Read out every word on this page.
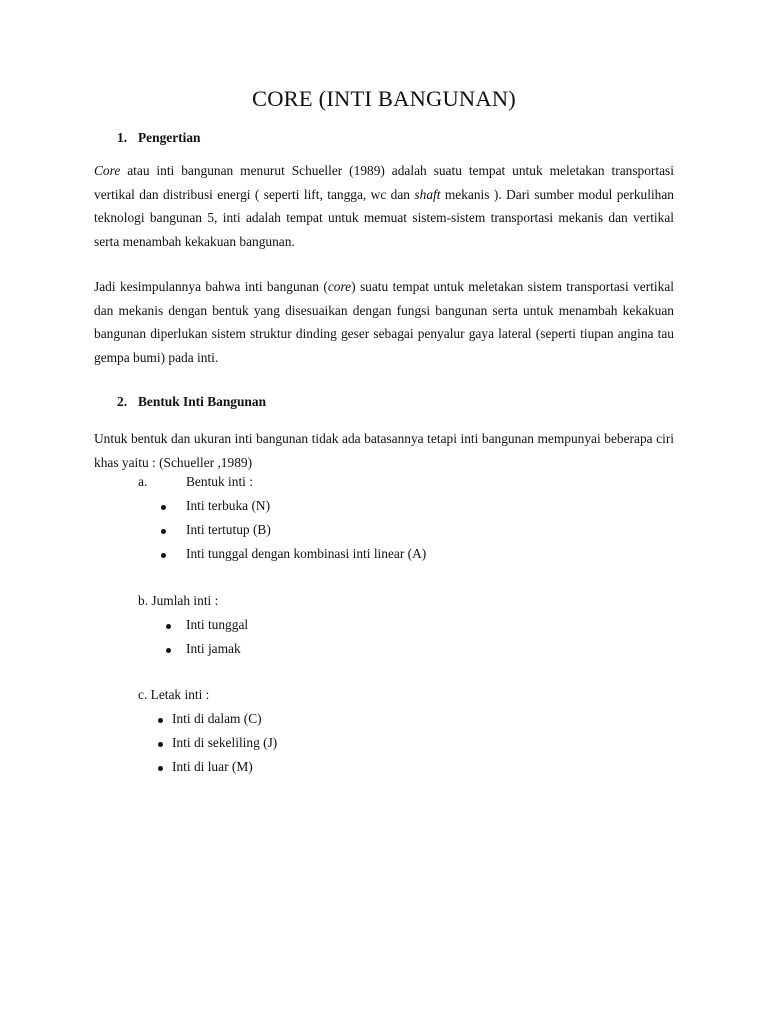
CORE (INTI BANGUNAN)
1. Pengertian
Core atau inti bangunan menurut Schueller (1989) adalah suatu tempat untuk meletakan transportasi vertikal dan distribusi energi ( seperti lift, tangga, wc dan shaft mekanis ). Dari sumber modul perkulihan teknologi bangunan 5, inti adalah tempat untuk memuat sistem-sistem transportasi mekanis dan vertikal serta menambah kekakuan bangunan.
Jadi kesimpulannya bahwa inti bangunan (core) suatu tempat untuk meletakan sistem transportasi vertikal dan mekanis dengan bentuk yang disesuaikan dengan fungsi bangunan serta untuk menambah kekakuan bangunan diperlukan sistem struktur dinding geser sebagai penyalur gaya lateral (seperti tiupan angina tau gempa bumi) pada inti.
2. Bentuk Inti Bangunan
Untuk bentuk dan ukuran inti bangunan tidak ada batasannya tetapi inti bangunan mempunyai beberapa ciri khas yaitu : (Schueller ,1989)
a.	Bentuk inti :
Inti terbuka (N)
Inti tertutup (B)
Inti tunggal dengan kombinasi inti linear (A)
b. Jumlah inti :
Inti tunggal
Inti jamak
c. Letak inti :
Inti di dalam (C)
Inti di sekeliling (J)
Inti di luar (M)
